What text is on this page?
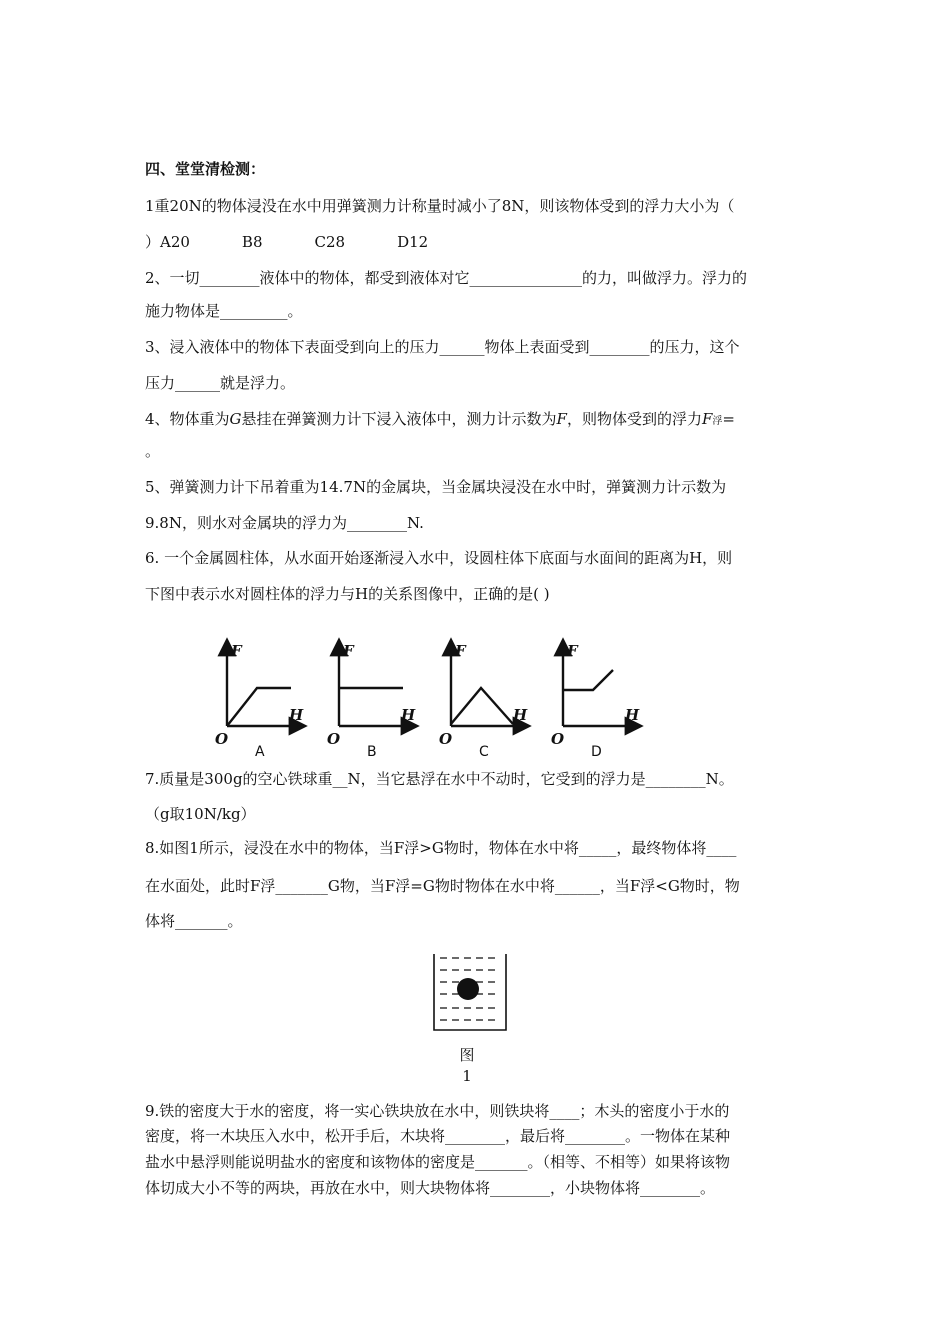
四、堂堂清检测：
1重20N的物体浸没在水中用弹簧测力计称量时减小了8N，则该物体受到的浮力大小为（
）A20	B8	C28	D12
2、一切________液体中的物体，都受到液体对它_______________的力，叫做浮力。浮力的
施力物体是_________。
3、浸入液体中的物体下表面受到向上的压力______物体上表面受到________的压力，这个
压力______就是浮力。
4、物体重为G悬挂在弹簧测力计下浸入液体中，测力计示数为F，则物体受到的浮力F浮=
。
5、弹簧测力计下吊着重为14.7N的金属块，当金属块浸没在水中时，弹簧测力计示数为
9.8N，则水对金属块的浮力为________N.
6. 一个金属圆柱体，从水面开始逐渐浸入水中，设圆柱体下底面与水面间的距离为H，则
下图中表示水对圆柱体的浮力与H的关系图像中，正确的是( )
F
H
O
A
F
H
O
B
F
H
O
C
F
H
O
D
7.质量是300g的空心铁球重__N，当它悬浮在水中不动时，它受到的浮力是________N。
（g取10N/kg）
8.如图1所示，浸没在水中的物体，当F浮>G物时，物体在水中将_____，最终物体将____
在水面处，此时F浮_______G物，当F浮=G物时物体在水中将______，当F浮<G物时，物
体将_______。
图
1
9.铁的密度大于水的密度，将一实心铁块放在水中，则铁块将____；木头的密度小于水的
密度，将一木块压入水中，松开手后，木块将________，最后将________。一物体在某种
盐水中悬浮则能说明盐水的密度和该物体的密度是_______。（相等、不相等）如果将该物
体切成大小不等的两块，再放在水中，则大块物体将________，小块物体将________。
